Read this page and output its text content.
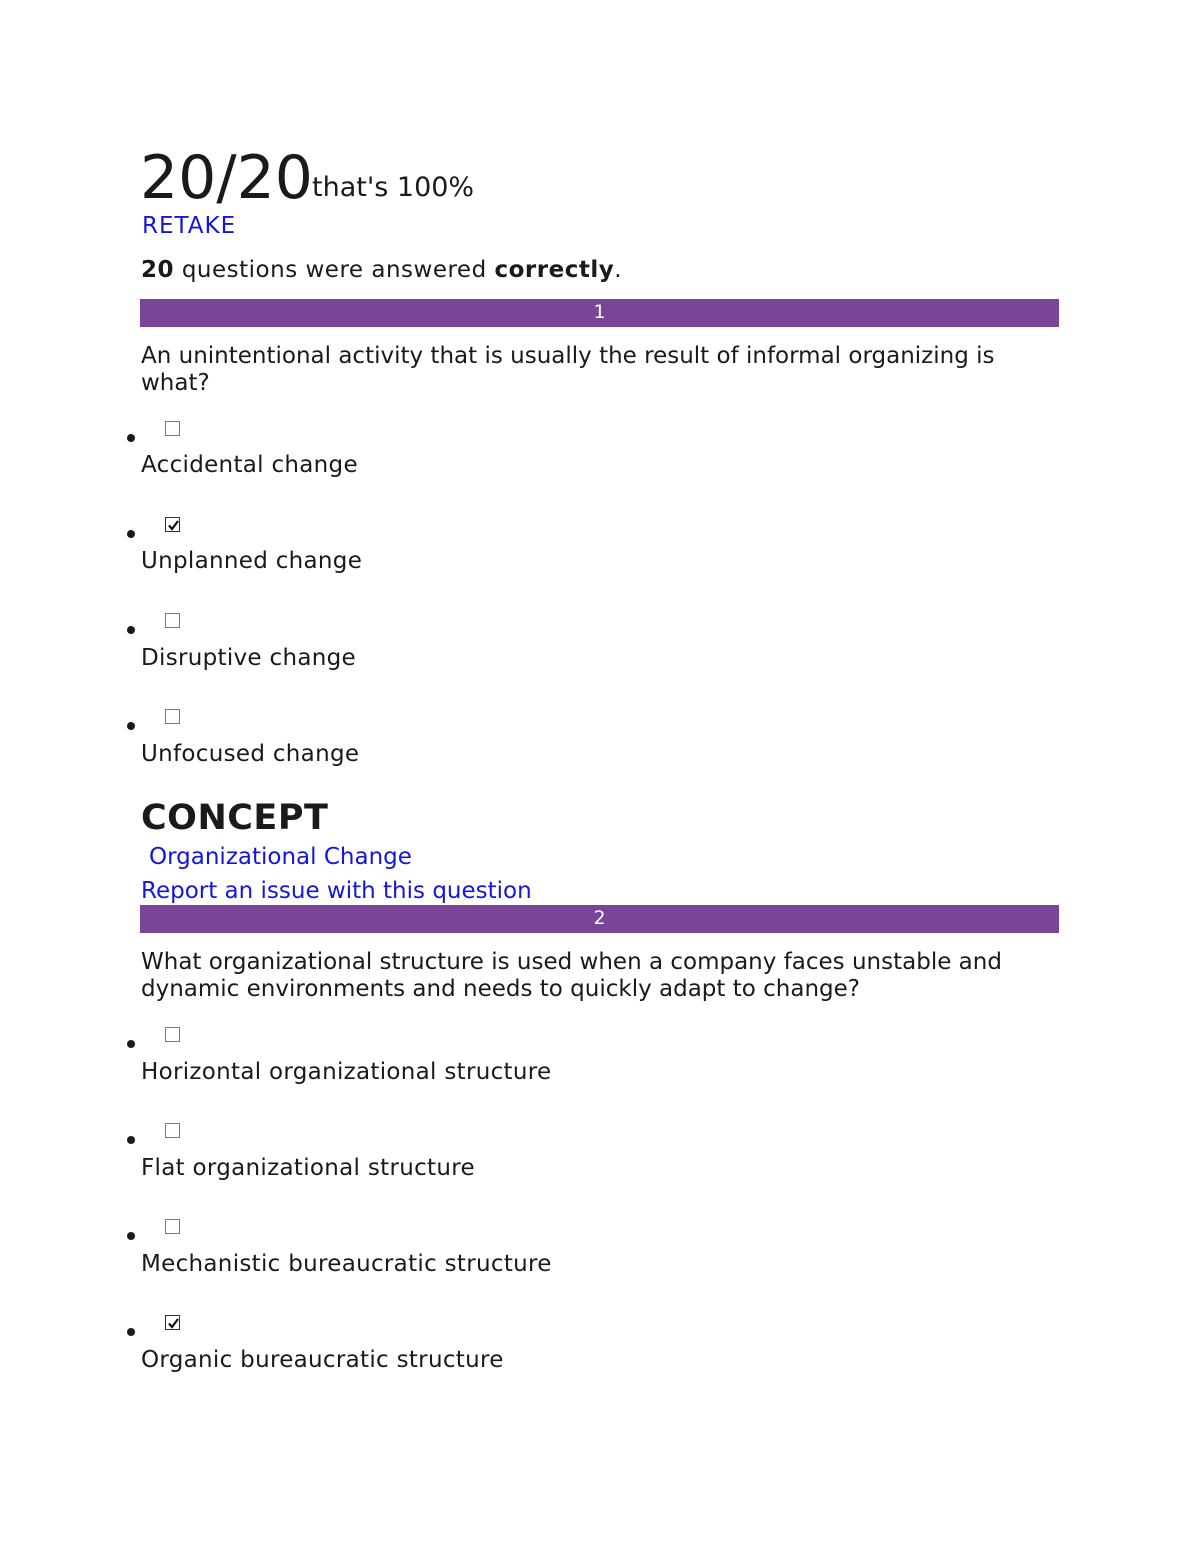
20/20 that's 100%
RETAKE
20 questions were answered correctly.
1
An unintentional activity that is usually the result of informal organizing is what?
Accidental change
Unplanned change
Disruptive change
Unfocused change
CONCEPT
Organizational Change
Report an issue with this question
2
What organizational structure is used when a company faces unstable and dynamic environments and needs to quickly adapt to change?
Horizontal organizational structure
Flat organizational structure
Mechanistic bureaucratic structure
Organic bureaucratic structure
